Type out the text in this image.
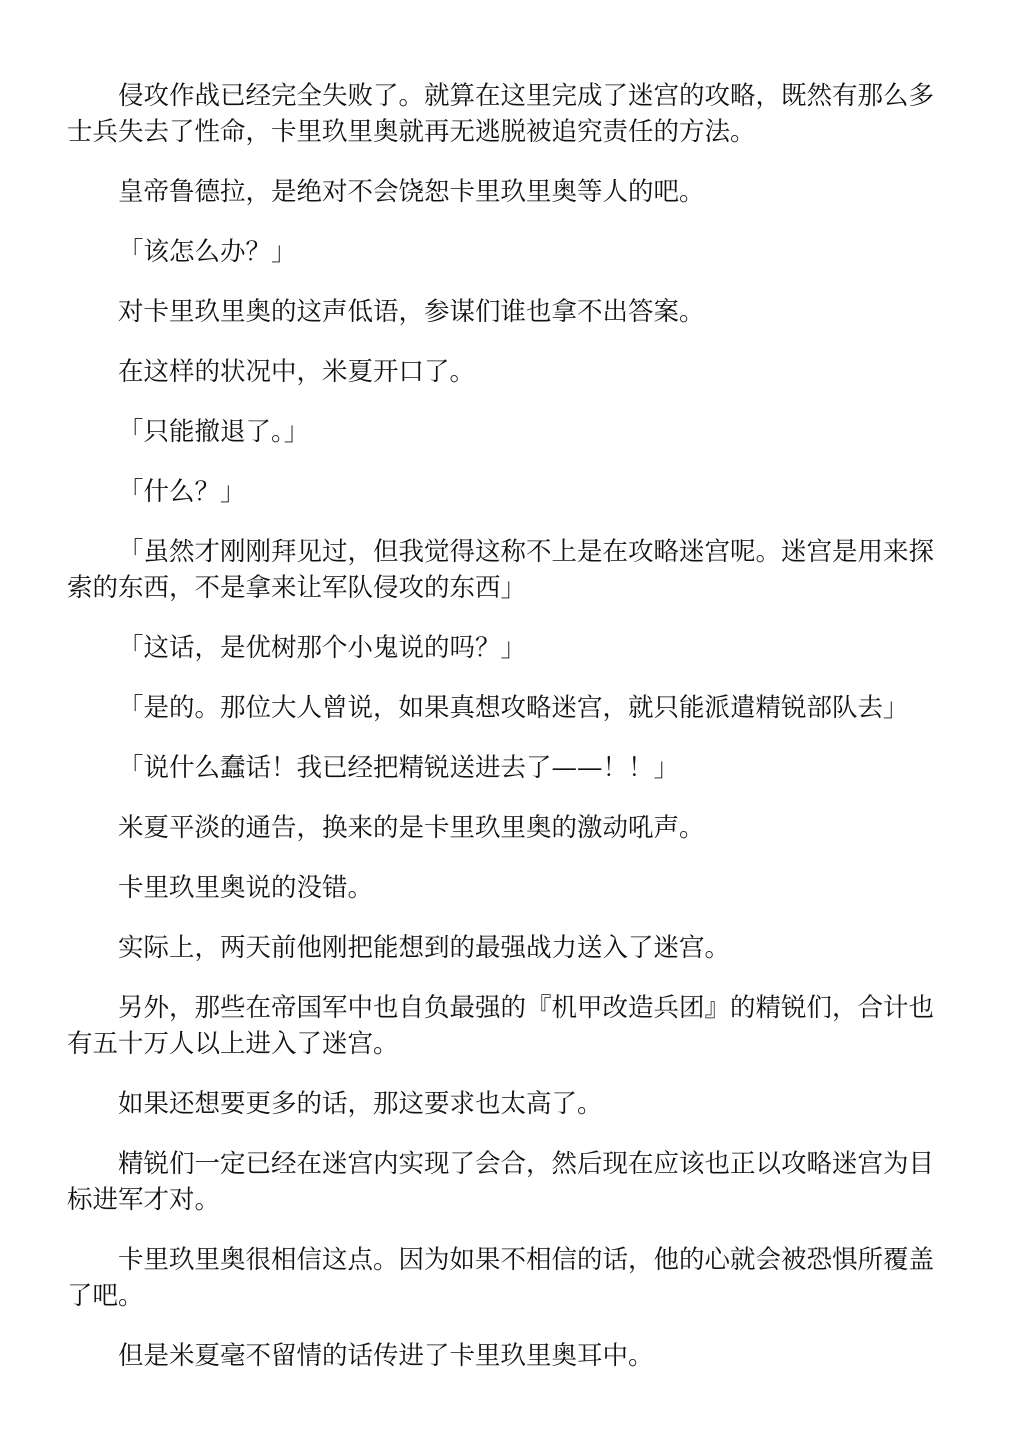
侵攻作战已经完全失败了。就算在这里完成了迷宫的攻略，既然有那么多士兵失去了性命，卡里玖里奥就再无逃脱被追究责任的方法。

皇帝鲁德拉，是绝对不会饶恕卡里玖里奥等人的吧。

「该怎么办？」

对卡里玖里奥的这声低语，参谋们谁也拿不出答案。

在这样的状况中，米夏开口了。

「只能撤退了。」

「什么？」

「虽然才刚刚拜见过，但我觉得这称不上是在攻略迷宫呢。迷宫是用来探索的东西，不是拿来让军队侵攻的东西」

「这话，是优树那个小鬼说的吗？」

「是的。那位大人曾说，如果真想攻略迷宫，就只能派遣精锐部队去」

「说什么蠢话！我已经把精锐送进去了——！！」

米夏平淡的通告，换来的是卡里玖里奥的激动吼声。

卡里玖里奥说的没错。

实际上，两天前他刚把能想到的最强战力送入了迷宫。

另外，那些在帝国军中也自负最强的『机甲改造兵团』的精锐们，合计也有五十万人以上进入了迷宫。

如果还想要更多的话，那这要求也太高了。

精锐们一定已经在迷宫内实现了会合，然后现在应该也正以攻略迷宫为目标进军才对。

卡里玖里奥很相信这点。因为如果不相信的话，他的心就会被恐惧所覆盖了吧。

但是米夏毫不留情的话传进了卡里玖里奥耳中。
